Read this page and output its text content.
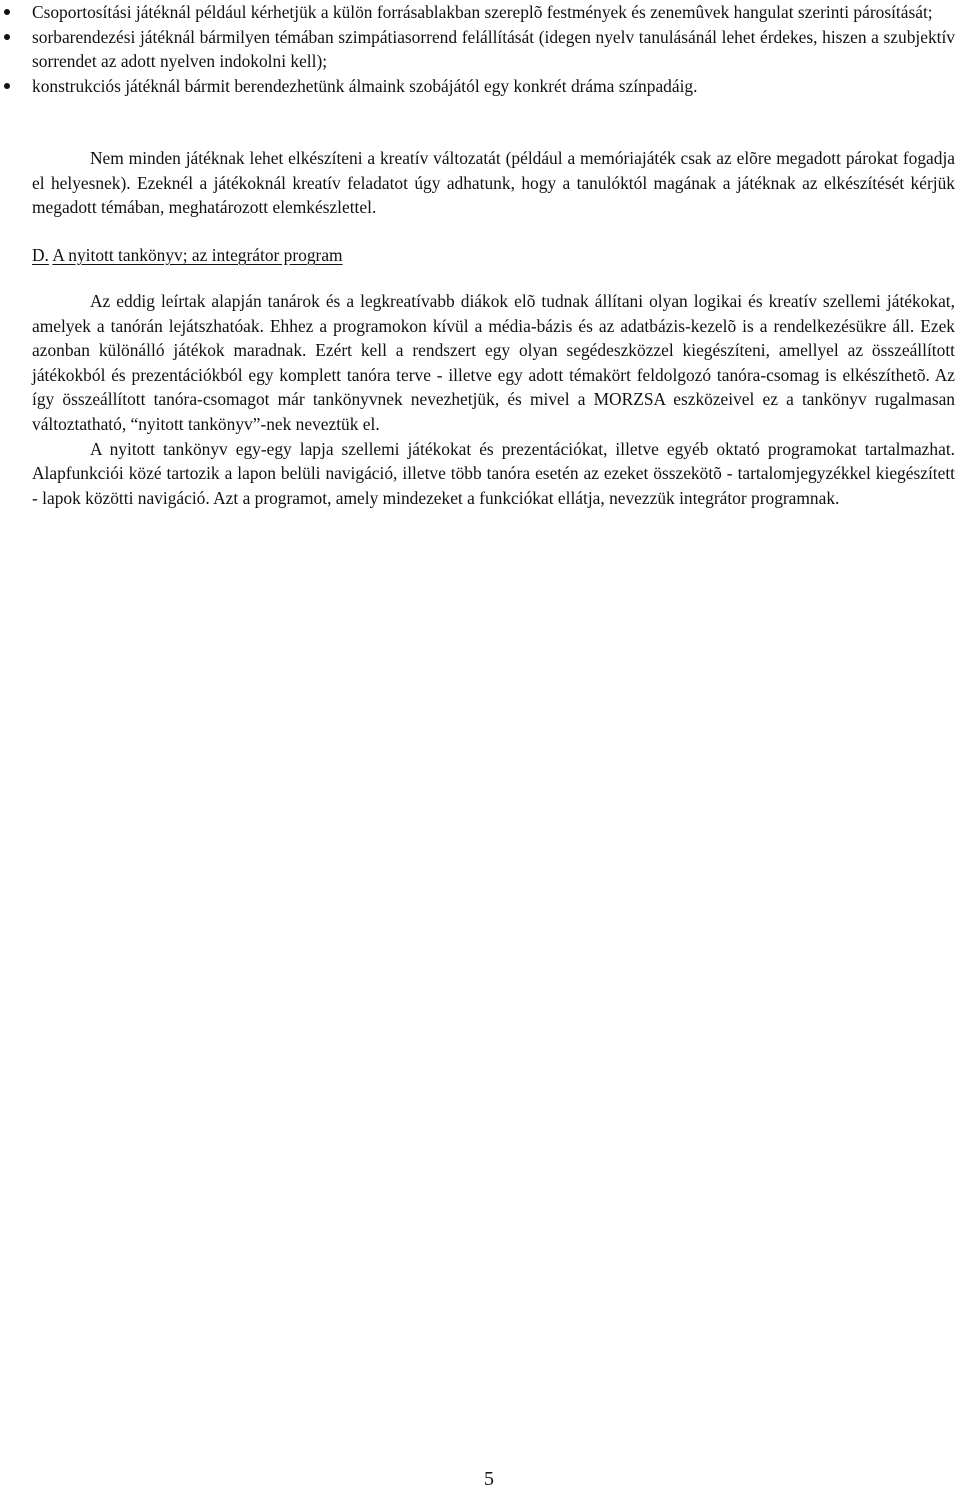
Csoportosítási játéknál például kérhetjük a külön forrásablakban szereplõ festmények és zenemûvek hangulat szerinti párosítását;
sorbarendezési játéknál bármilyen témában szimpátiasorrend felállítását (idegen nyelv tanulásánál lehet érdekes, hiszen a szubjektív sorrendet az adott nyelven indokolni kell);
konstrukciós játéknál bármit berendezhetünk álmaink szobájától egy konkrét dráma színpadáig.

Nem minden játéknak lehet elkészíteni a kreatív változatát (például a memóriajáték csak az elõre megadott párokat fogadja el helyesnek). Ezeknél a játékoknál kreatív feladatot úgy adhatunk, hogy a tanulóktól magának a játéknak az elkészítését kérjük megadott témában, meghatározott elemkészlettel.

D. A nyitott tankönyv; az integrátor program

Az eddig leírtak alapján tanárok és a legkreatívabb diákok elõ tudnak állítani olyan logikai és kreatív szellemi játékokat, amelyek a tanórán lejátszhatóak. Ehhez a programokon kívül a média-bázis és az adatbázis-kezelõ is a rendelkezésükre áll. Ezek azonban különálló játékok maradnak. Ezért kell a rendszert egy olyan segédeszközzel kiegészíteni, amellyel az összeállított játékokból és prezentációkból egy komplett tanóra terve - illetve egy adott témakört feldolgozó tanóra-csomag is elkészíthetõ. Az így összeállított tanóra-csomagot már tankönyvnek nevezhetjük, és mivel a MORZSA eszközeivel ez a tankönyv rugalmasan változtatható, “nyitott tankönyv”-nek neveztük el.

A nyitott tankönyv egy-egy lapja szellemi játékokat és prezentációkat, illetve egyéb oktató programokat tartalmazhat. Alapfunkciói közé tartozik a lapon belüli navigáció, illetve több tanóra esetén az ezeket összekötõ - tartalomjegyzékkel kiegészített - lapok közötti navigáció. Azt a programot, amely mindezeket a funkciókat ellátja, nevezzük integrátor programnak.

5
